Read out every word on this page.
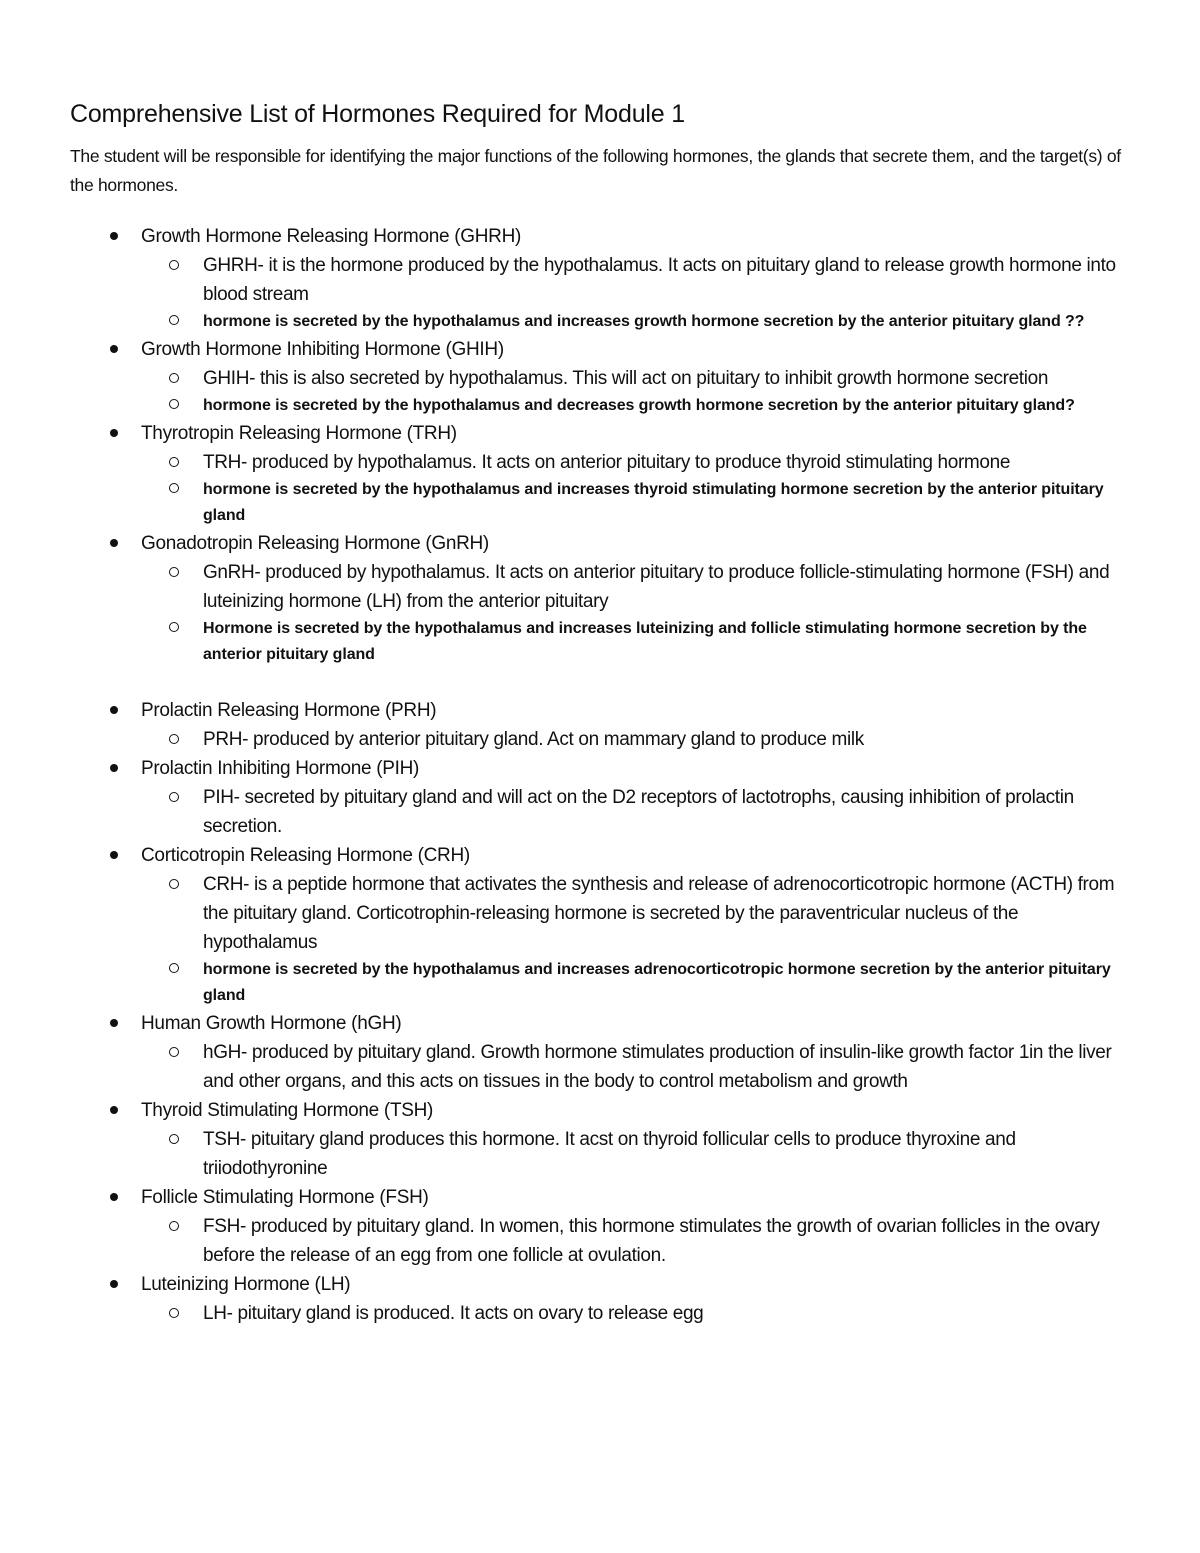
Comprehensive List of Hormones Required for Module 1

The student will be responsible for identifying the major functions of the following hormones, the glands that secrete them, and the target(s) of the hormones.

Growth Hormone Releasing Hormone (GHRH)
GHRH- it is the hormone produced by the hypothalamus. It acts on pituitary gland to release growth hormone into blood stream
hormone is secreted by the hypothalamus and increases growth hormone secretion by the anterior pituitary gland ??
Growth Hormone Inhibiting Hormone (GHIH)
GHIH- this is also secreted by hypothalamus. This will act on pituitary to inhibit growth hormone secretion
hormone is secreted by the hypothalamus and decreases growth hormone secretion by the anterior pituitary gland?
Thyrotropin Releasing Hormone (TRH)
TRH- produced by hypothalamus. It acts on anterior pituitary to produce thyroid stimulating hormone
hormone is secreted by the hypothalamus and increases thyroid stimulating hormone secretion by the anterior pituitary gland
Gonadotropin Releasing Hormone (GnRH)
GnRH- produced by hypothalamus. It acts on anterior pituitary to produce follicle-stimulating hormone (FSH) and luteinizing hormone (LH) from the anterior pituitary
Hormone is secreted by the hypothalamus and increases luteinizing and follicle stimulating hormone secretion by the anterior pituitary gland
Prolactin Releasing Hormone (PRH)
PRH- produced by anterior pituitary gland. Act on mammary gland to produce milk
Prolactin Inhibiting Hormone (PIH)
PIH- secreted by pituitary gland and will act on the D2 receptors of lactotrophs, causing inhibition of prolactin secretion.
Corticotropin Releasing Hormone (CRH)
CRH- is a peptide hormone that activates the synthesis and release of adrenocorticotropic hormone (ACTH) from the pituitary gland. Corticotrophin-releasing hormone is secreted by the paraventricular nucleus of the hypothalamus
hormone is secreted by the hypothalamus and increases adrenocorticotropic hormone secretion by the anterior pituitary gland
Human Growth Hormone (hGH)
hGH- produced by pituitary gland. Growth hormone stimulates production of insulin-like growth factor 1in the liver and other organs, and this acts on tissues in the body to control metabolism and growth
Thyroid Stimulating Hormone (TSH)
TSH- pituitary gland produces this hormone. It acst on thyroid follicular cells to produce thyroxine and triiodothyronine
Follicle Stimulating Hormone (FSH)
FSH- produced by pituitary gland. In women, this hormone stimulates the growth of ovarian follicles in the ovary before the release of an egg from one follicle at ovulation.
Luteinizing Hormone (LH)
LH- pituitary gland is produced. It acts on ovary to release egg
